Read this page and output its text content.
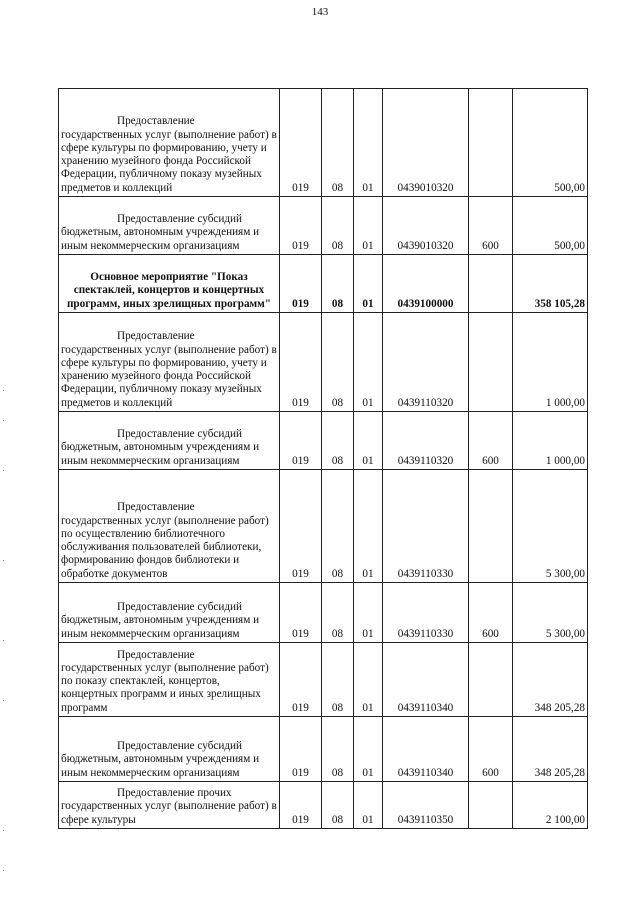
143
Предоставление государственных услуг (выполнение работ) в сфере культуры по формированию, учету и хранению музейного фонда Российской Федерации, публичному показу музейных предметов и коллекций	019	08	01	0439010320		500,00

Предоставление субсидий бюджетным, автономным учреждениям и иным некоммерческим организациям	019	08	01	0439010320	600	500,00
Основное мероприятие "Показ спектаклей, концертов и концертных программ, иных зрелищных программ"	019	08	01	0439100000		358 105,28

Предоставление государственных услуг (выполнение работ) в сфере культуры по формированию, учету и хранению музейного фонда Российской Федерации, публичному показу музейных предметов и коллекций	019	08	01	0439110320		1 000,00

Предоставление субсидий бюджетным, автономным учреждениям и иным некоммерческим организациям	019	08	01	0439110320	600	1 000,00

Предоставление государственных услуг (выполнение работ) по осуществлению библиотечного обслуживания пользователей библиотеки, формированию фондов библиотеки и обработке документов	019	08	01	0439110330		5 300,00

Предоставление субсидий бюджетным, автономным учреждениям и иным некоммерческим организациям	019	08	01	0439110330	600	5 300,00

Предоставление государственных услуг (выполнение работ) по показу спектаклей, концертов, концертных программ и иных зрелищных программ	019	08	01	0439110340		348 205,28

Предоставление субсидий бюджетным, автономным учреждениям и иным некоммерческим организациям	019	08	01	0439110340	600	348 205,28

Предоставление прочих государственных услуг (выполнение работ) в сфере культуры	019	08	01	0439110350		2 100,00
